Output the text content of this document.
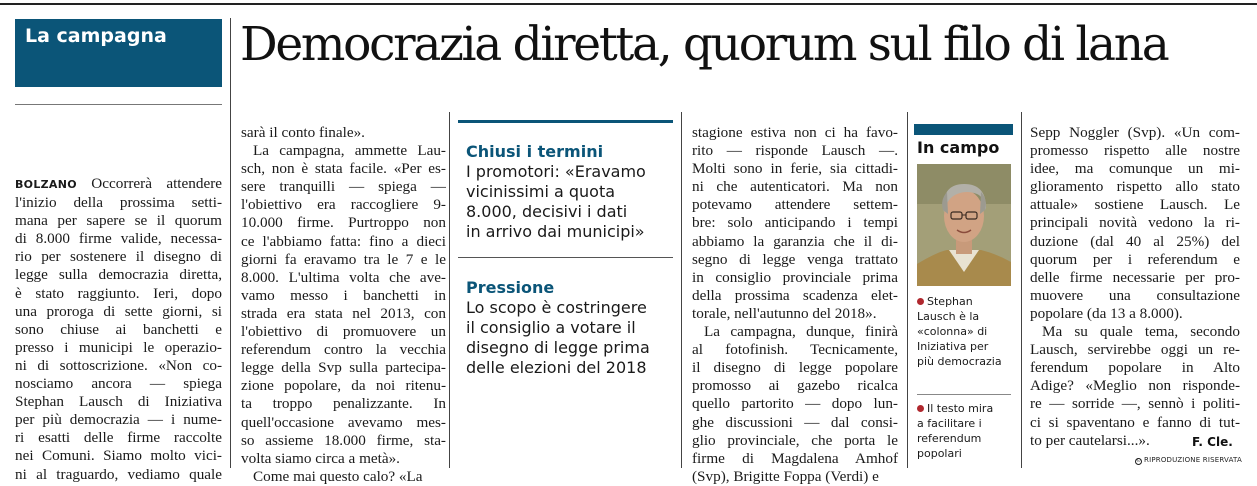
La campagna	Democrazia diretta, quorum sul filo di lana
BOLZANO Occorrerà attendere
l'inizio della prossima setti-
mana per sapere se il quorum
di 8.000 firme valide, necessa-
rio per sostenere il disegno di
legge sulla democrazia diretta,
è stato raggiunto. Ieri, dopo
una proroga di sette giorni, si
sono chiuse ai banchetti e
presso i municipi le operazio-
ni di sottoscrizione. «Non co-
nosciamo ancora — spiega
Stephan Lausch di Iniziativa
per più democrazia — i nume-
ri esatti delle firme raccolte
nei Comuni. Siamo molto vici-
ni al traguardo, vediamo quale
sarà il conto finale».
La campagna, ammette Lau-
sch, non è stata facile. «Per es-
sere tranquilli — spiega —
l'obiettivo era raccogliere 9-
10.000 firme. Purtroppo non
ce l'abbiamo fatta: fino a dieci
giorni fa eravamo tra le 7 e le
8.000. L'ultima volta che ave-
vamo messo i banchetti in
strada era stata nel 2013, con
l'obiettivo di promuovere un
referendum contro la vecchia
legge della Svp sulla partecipa-
zione popolare, da noi ritenu-
ta troppo penalizzante. In
quell'occasione avevamo mes-
so assieme 18.000 firme, sta-
volta siamo circa a metà».
Come mai questo calo? «La
stagione estiva non ci ha favo-
rito — risponde Lausch —.
Molti sono in ferie, sia cittadi-
ni che autenticatori. Ma non
potevamo attendere settem-
bre: solo anticipando i tempi
abbiamo la garanzia che il di-
segno di legge venga trattato
in consiglio provinciale prima
della prossima scadenza elet-
torale, nell'autunno del 2018».
La campagna, dunque, finirà
al fotofinish. Tecnicamente,
il disegno di legge popolare
promosso ai gazebo ricalca
quello partorito — dopo lun-
ghe discussioni — dal consi-
glio provinciale, che porta le
firme di Magdalena Amhof
(Svp), Brigitte Foppa (Verdi) e
Sepp Noggler (Svp). «Un com-
promesso rispetto alle nostre
idee, ma comunque un mi-
glioramento rispetto allo stato
attuale» sostiene Lausch. Le
principali novità vedono la ri-
duzione (dal 40 al 25%) del
quorum per i referendum e
delle firme necessarie per pro-
muovere una consultazione
popolare (da 13 a 8.000).
Ma su quale tema, secondo
Lausch, servirebbe oggi un re-
ferendum popolare in Alto
Adige? «Meglio non risponde-
re — sorride —, sennò i politi-
ci si spaventano e fanno di tut-
to per cautelarsi...».
Chiusi i termini
I promotori: «Eravamo
vicinissimi a quota
8.000, decisivi i dati
in arrivo dai municipi»
Pressione
Lo scopo è costringere
il consiglio a votare il
disegno di legge prima
delle elezioni del 2018
In campo
Stephan
Lausch è la
«colonna» di
Iniziativa per
più democrazia
Il testo mira
a facilitare i
referendum
popolari
F. Cle.
© RIPRODUZIONE RISERVATA
